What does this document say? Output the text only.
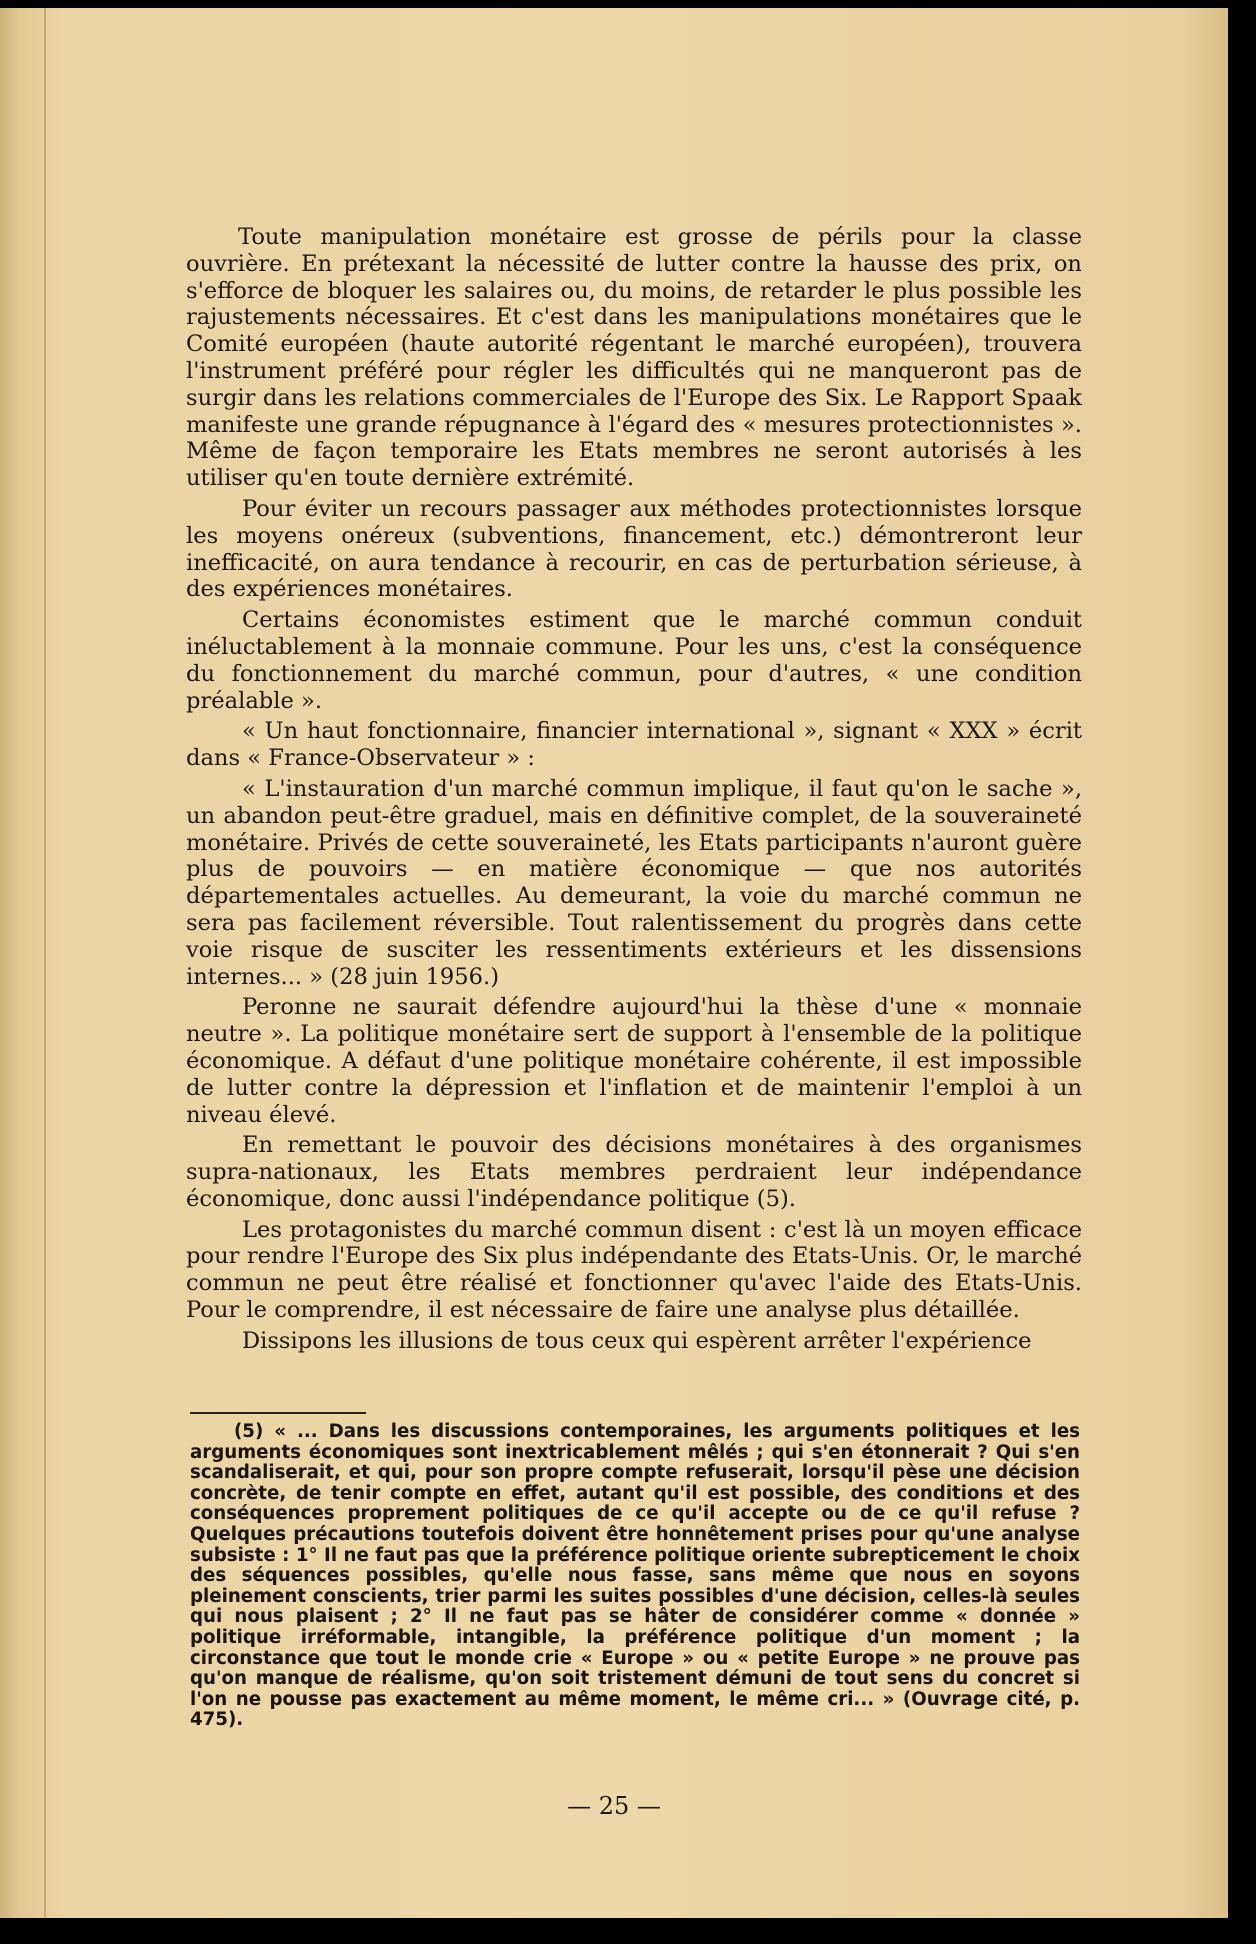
Toute manipulation monétaire est grosse de périls pour la classe ouvrière. En prétexant la nécessité de lutter contre la hausse des prix, on s'efforce de bloquer les salaires ou, du moins, de retarder le plus possible les rajustements nécessaires. Et c'est dans les manipulations monétaires que le Comité européen (haute autorité régentant le marché européen), trouvera l'instrument préféré pour régler les difficultés qui ne manqueront pas de surgir dans les relations commerciales de l'Europe des Six. Le Rapport Spaak manifeste une grande répugnance à l'égard des « mesures protectionnistes ». Même de façon temporaire les Etats membres ne seront autorisés à les utiliser qu'en toute dernière extrémité.

Pour éviter un recours passager aux méthodes protectionnistes lorsque les moyens onéreux (subventions, financement, etc.) démontreront leur inefficacité, on aura tendance à recourir, en cas de perturbation sérieuse, à des expériences monétaires.

Certains économistes estiment que le marché commun conduit inéluctablement à la monnaie commune. Pour les uns, c'est la conséquence du fonctionnement du marché commun, pour d'autres, « une condition préalable ».

« Un haut fonctionnaire, financier international », signant « XXX » écrit dans « France-Observateur » :

« L'instauration d'un marché commun implique, il faut qu'on le sache », un abandon peut-être graduel, mais en définitive complet, de la souveraineté monétaire. Privés de cette souveraineté, les Etats participants n'auront guère plus de pouvoirs — en matière économique — que nos autorités départementales actuelles. Au demeurant, la voie du marché commun ne sera pas facilement réversible. Tout ralentissement du progrès dans cette voie risque de susciter les ressentiments extérieurs et les dissensions internes... » (28 juin 1956.)

Peronne ne saurait défendre aujourd'hui la thèse d'une « monnaie neutre ». La politique monétaire sert de support à l'ensemble de la politique économique. A défaut d'une politique monétaire cohérente, il est impossible de lutter contre la dépression et l'inflation et de maintenir l'emploi à un niveau élevé.

En remettant le pouvoir des décisions monétaires à des organismes supra-nationaux, les Etats membres perdraient leur indépendance économique, donc aussi l'indépendance politique (5).

Les protagonistes du marché commun disent : c'est là un moyen efficace pour rendre l'Europe des Six plus indépendante des Etats-Unis. Or, le marché commun ne peut être réalisé et fonctionner qu'avec l'aide des Etats-Unis. Pour le comprendre, il est nécessaire de faire une analyse plus détaillée.

Dissipons les illusions de tous ceux qui espèrent arrêter l'expérience

(5) « ... Dans les discussions contemporaines, les arguments politiques et les arguments économiques sont inextricablement mêlés ; qui s'en étonnerait ? Qui s'en scandaliserait, et qui, pour son propre compte refuserait, lorsqu'il pèse une décision concrète, de tenir compte en effet, autant qu'il est possible, des conditions et des conséquences proprement politiques de ce qu'il accepte ou de ce qu'il refuse ? Quelques précautions toutefois doivent être honnêtement prises pour qu'une analyse subsiste : 1° Il ne faut pas que la préférence politique oriente subrepticement le choix des séquences possibles, qu'elle nous fasse, sans même que nous en soyons pleinement conscients, trier parmi les suites possibles d'une décision, celles-là seules qui nous plaisent ; 2° Il ne faut pas se hâter de considérer comme « donnée » politique irréformable, intangible, la préférence politique d'un moment ; la circonstance que tout le monde crie « Europe » ou « petite Europe » ne prouve pas qu'on manque de réalisme, qu'on soit tristement démuni de tout sens du concret si l'on ne pousse pas exactement au même moment, le même cri... » (Ouvrage cité, p. 475).
— 25 —
